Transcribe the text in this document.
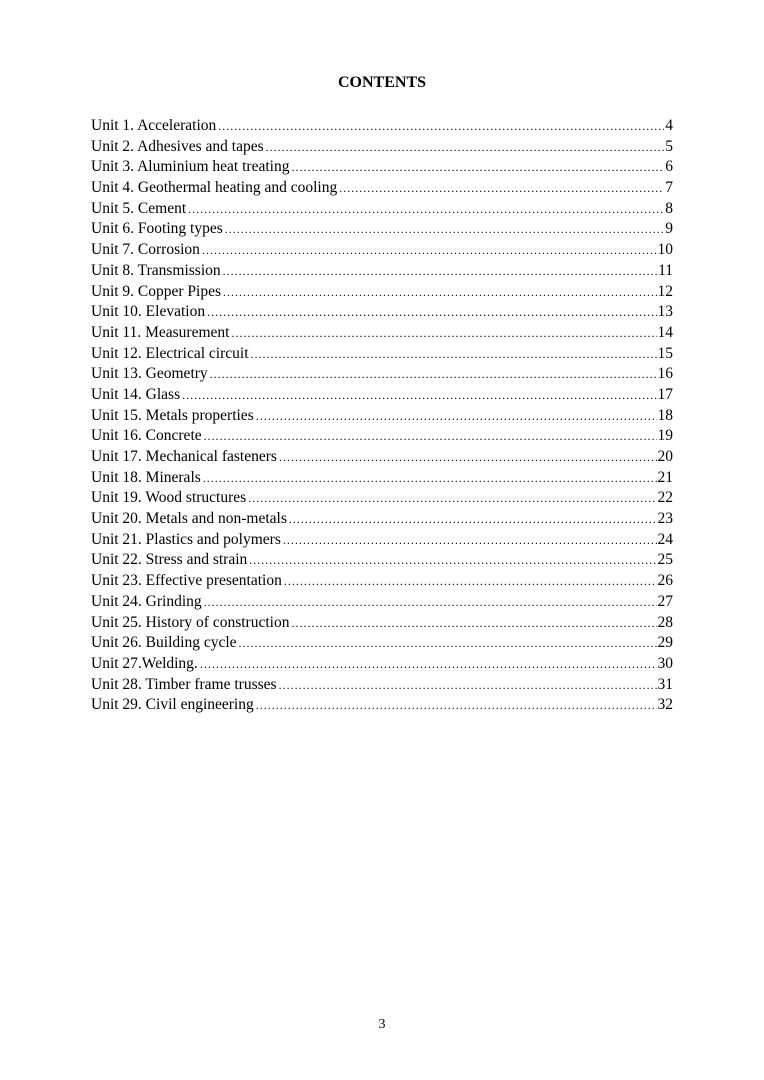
CONTENTS
Unit 1. Acceleration .....	4
Unit 2. Adhesives and tapes .....	5
Unit 3. Aluminium heat treating .....	6
Unit 4. Geothermal heating and cooling .....	7
Unit 5. Cement .....	8
Unit 6. Footing types .....	9
Unit 7. Corrosion .....	10
Unit 8. Transmission .....	11
Unit 9. Copper Pipes .....	12
Unit 10. Elevation .....	13
Unit 11. Measurement .....	14
Unit 12. Electrical circuit .....	15
Unit 13. Geometry .....	16
Unit 14. Glass .....	17
Unit 15. Metals properties .....	18
Unit 16. Concrete .....	19
Unit 17. Mechanical fasteners .....	20
Unit 18. Minerals .....	21
Unit 19. Wood structures .....	22
Unit 20. Metals and non-metals .....	23
Unit 21. Plastics and polymers .....	24
Unit 22. Stress and strain .....	25
Unit 23. Effective presentation .....	26
Unit 24. Grinding .....	27
Unit 25. History of construction .....	28
Unit 26. Building cycle .....	29
Unit 27.Welding. .....	30
Unit 28. Timber frame trusses .....	31
Unit 29. Civil engineering .....	32
3
